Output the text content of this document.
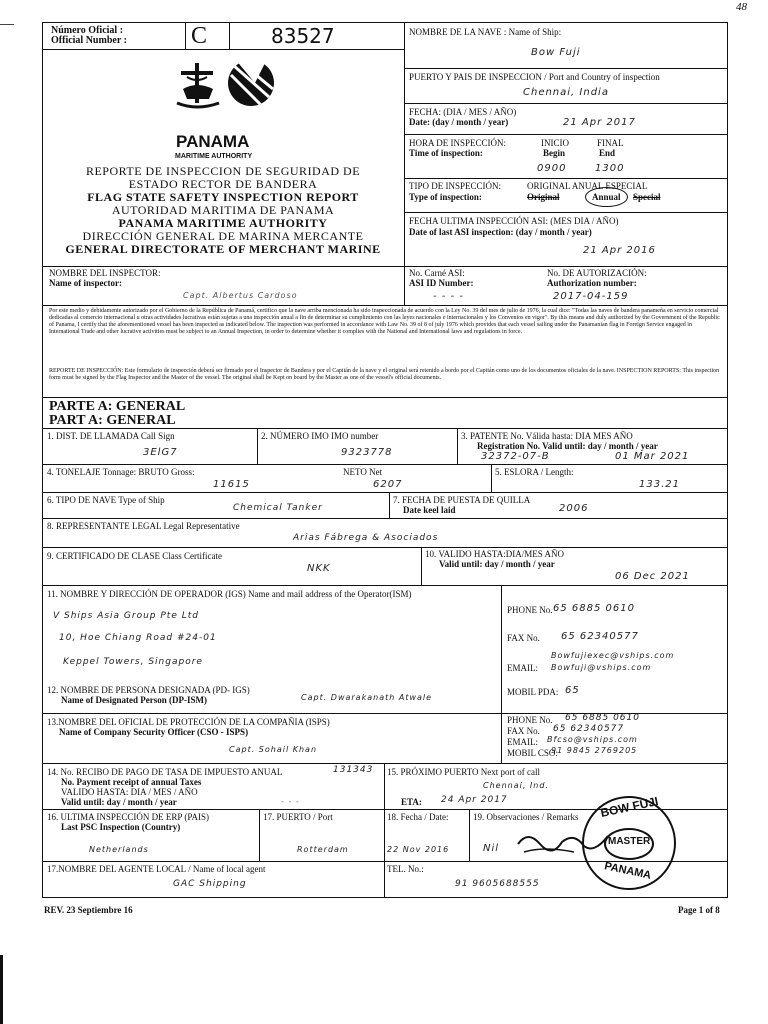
48
Número Oficial :
Official Number :	C	83527
PANAMA
MARITIME AUTHORITY
REPORTE DE INSPECCION DE SEGURIDAD DE
ESTADO RECTOR DE BANDERA
FLAG STATE SAFETY INSPECTION REPORT
AUTORIDAD MARITIMA DE PANAMA
PANAMA MARITIME AUTHORITY
DIRECCIÓN GENERAL DE MARINA MERCANTE
GENERAL DIRECTORATE OF MERCHANT MARINE
NOMBRE DE LA NAVE : Name of Ship:
Bow Fuji
PUERTO Y PAIS DE INSPECCION / Port and Country of inspection
Chennai, India
FECHA: (DIA / MES / AÑO)
Date: (day / month / year)	21 Apr 2017
HORA DE INSPECCIÓN:
Time of inspection:
INICIO
Begin
FINAL
End
0900	1300
TIPO DE INSPECCIÓN:	ORIGINAL ANUAL ESPECIAL
Type of inspection:	Original	Annual	Special
FECHA ULTIMA INSPECCIÓN ASI: (MES DIA / AÑO)
Date of last ASI inspection: (day / month / year)
21 Apr 2016
NOMBRE DEL INSPECTOR:
Name of inspector:
Capt. Albertus Cardoso
No. Carné ASI:
ASI ID Number:
- - - -
No. DE AUTORIZACIÓN:
Authorization number:
2017-04-159
Por este medio y debidamente autorizado por el Gobierno de la República de Panamá, certifico que la nave arriba mencionada ha sido inspeccionada de acuerdo con la Ley No. 39 del mes de julio de 1976, la cual dice: "Todas las naves de bandera panameña en servicio comercial dedicadas al comercio internacional u otras actividades lucrativas están sujetas a una inspección anual a fin de determinar su cumplimiento con las leyes nacionales e internacionales y los Convenios en vigor". By this means and duly authorized by the Government of the Republic of Panama, I certify that the aforementioned vessel has been inspected as indicated below. The inspection was performed in accordance with Law No. 39 of 8 of july 1976 which provides that each vessel sailing under the Panamanian flag in Foreign Service engaged in International Trade and other lucrative activities must be subject to an Annual Inspection, in order to determine whether it complies with the National and International laws and regulations in force.
REPORTE DE INSPECCIÓN: Este formulario de inspección deberá ser firmado por el Inspector de Bandera y por el Capitán de la nave y el original será retenido a bordo por el Capitán como uno de los documentos oficiales de la nave. INSPECTION REPORTS: This inspection form must be signed by the Flag Inspector and the Master of the vessel. The original shall be Kept on board by the Master as one of the vessel's official documents.
PARTE A: GENERAL
PART A: GENERAL
1. DIST. DE LLAMADA Call Sign
3ElG7
2. NÚMERO IMO IMO number
9323778
3. PATENTE No. Válida hasta: DIA MES AÑO
Registration No. Valid until: day / month / year
32372-07-B	01 Mar 2021
4. TONELAJE Tonnage: BRUTO Gross:
11615
NETO Net
6207
5. ESLORA / Length:
133.21
6. TIPO DE NAVE Type of Ship
Chemical Tanker
7. FECHA DE PUESTA DE QUILLA
Date keel laid	2006
8. REPRESENTANTE LEGAL Legal Representative
Arias Fábrega & Asociados
9. CERTIFICADO DE CLASE Class Certificate
NKK
10. VALIDO HASTA:DIA/MES AÑO
Valid until: day / month / year
06 Dec 2021
11. NOMBRE Y DIRECCIÓN DE OPERADOR (IGS) Name and mail address of the Operator(ISM)
V Ships Asia Group Pte Ltd
10, Hoe Chiang Road #24-01
Keppel Towers, Singapore
PHONE No. 65 6885 0610
FAX No. 65 62340577
EMAIL:
Bowfujiexec@vships.com
Bowfuji@vships.com
12. NOMBRE DE PERSONA DESIGNADA (PD- IGS)
Name of Designated Person (DP-ISM)	Capt. Dwarakanath Atwale
MOBIL PDA: 65
13.NOMBRE DEL OFICIAL DE PROTECCIÓN DE LA COMPAÑIA (ISPS)
Name of Company Security Officer (CSO - ISPS)
Capt. Sohail Khan
PHONE No. 65 6885 0610
FAX No. 65 62340577
EMAIL: Bfcso@vships.com
MOBIL CSO:
91 9845 2769205
14. No. RECIBO DE PAGO DE TASA DE IMPUESTO ANUAL	131343
No. Payment receipt of annual Taxes
VALIDO HASTA: DIA / MES / AÑO
Valid until: day / month / year	- - -
15. PRÓXIMO PUERTO Next port of call
Chennai, Ind.
ETA: 24 Apr 2017
16. ULTIMA INSPECCIÓN DE ERP (PAIS)
Last PSC Inspection (Country)
Netherlands
17. PUERTO / Port
Rotterdam
18. Fecha / Date:
22 Nov 2016
19. Observaciones / Remarks
Nil
17.NOMBRE DEL AGENTE LOCAL / Name of local agent
GAC Shipping
TEL. No.:
91 9605688555
BOW FUJI
MASTER
PANAMA
REV. 23 Septiembre 16	Page 1 of 8
